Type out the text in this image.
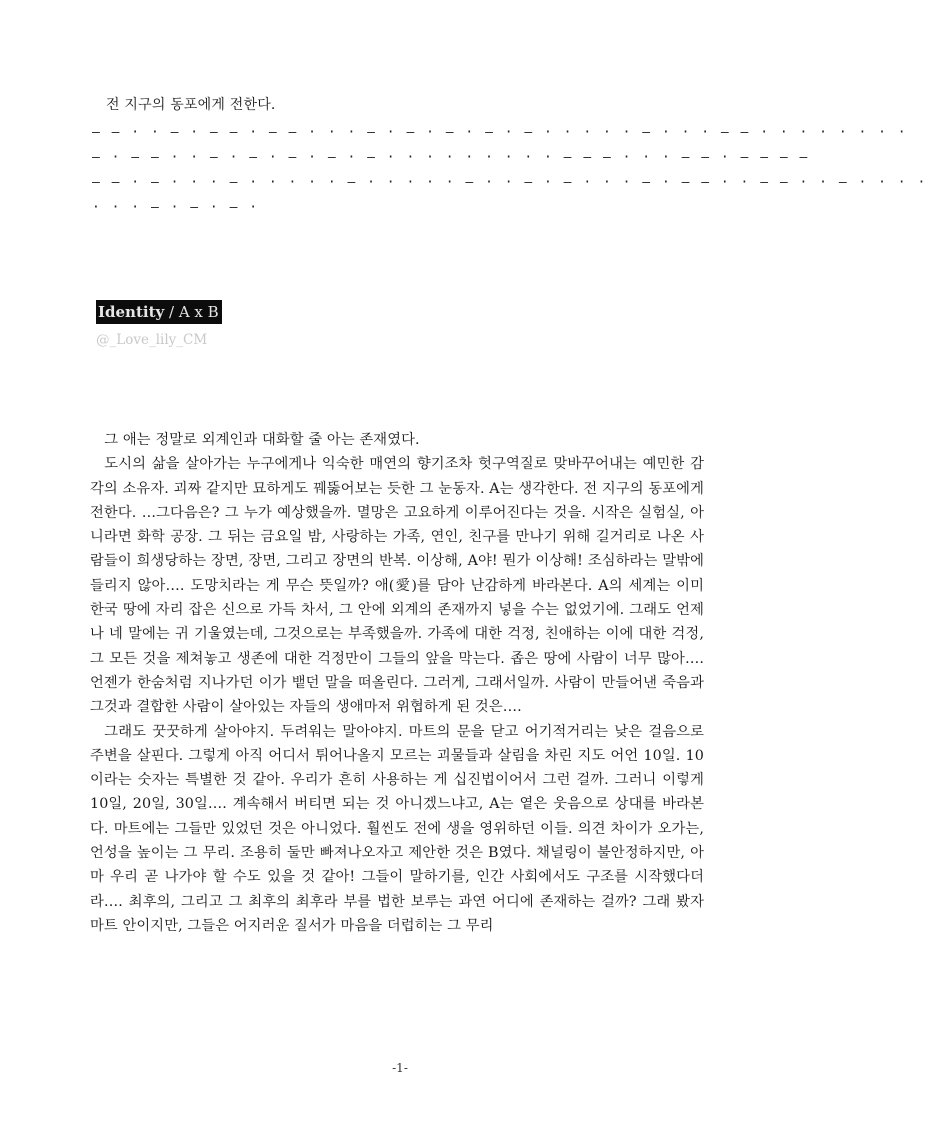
전 지구의 동포에게 전한다.
– – · · – · – – · – – · · · – · – · – · – · – · · · · · – · · · – – · · · · · · · ·
– · – – · · – · – · – · – · – · · · · · · · · · – – – · · · – – · – – – –
– – · – · · · – · · · · · – · · · · · – · · – · – · · · – · – – · · – – · · – · · · ·
· · · – · – · – ·
Identity / A x B
@_Love_lily_CM

그 애는 정말로 외계인과 대화할 줄 아는 존재였다.

도시의 삶을 살아가는 누구에게나 익숙한 매연의 향기조차 헛구역질로 맞바꾸어내는 예민한 감각의 소유자. 괴짜 같지만 묘하게도 꿰뚫어보는 듯한 그 눈동자. A는 생각한다. 전 지구의 동포에게 전한다. …그다음은? 그 누가 예상했을까. 멸망은 고요하게 이루어진다는 것을. 시작은 실험실, 아니라면 화학 공장. 그 뒤는 금요일 밤, 사랑하는 가족, 연인, 친구를 만나기 위해 길거리로 나온 사람들이 희생당하는 장면, 장면, 그리고 장면의 반복. 이상해, A야! 뭔가 이상해! 조심하라는 말밖에 들리지 않아…. 도망치라는 게 무슨 뜻일까? 애(愛)를 담아 난감하게 바라본다. A의 세계는 이미 한국 땅에 자리 잡은 신으로 가득 차서, 그 안에 외계의 존재까지 넣을 수는 없었기에. 그래도 언제나 네 말에는 귀 기울였는데, 그것으로는 부족했을까. 가족에 대한 걱정, 친애하는 이에 대한 걱정, 그 모든 것을 제쳐놓고 생존에 대한 걱정만이 그들의 앞을 막는다. 좁은 땅에 사람이 너무 많아…. 언젠가 한숨처럼 지나가던 이가 뱉던 말을 떠올린다. 그러게, 그래서일까. 사람이 만들어낸 죽음과 그것과 결합한 사람이 살아있는 자들의 생애마저 위협하게 된 것은….

그래도 꿋꿋하게 살아야지. 두려워는 말아야지. 마트의 문을 닫고 어기적거리는 낮은 걸음으로 주변을 살핀다. 그렇게 아직 어디서 튀어나올지 모르는 괴물들과 살림을 차린 지도 어언 10일. 10이라는 숫자는 특별한 것 같아. 우리가 흔히 사용하는 게 십진법이어서 그런 걸까. 그러니 이렇게 10일, 20일, 30일…. 계속해서 버티면 되는 것 아니겠느냐고, A는 옅은 웃음으로 상대를 바라본다. 마트에는 그들만 있었던 것은 아니었다. 훨씬도 전에 생을 영위하던 이들. 의견 차이가 오가는, 언성을 높이는 그 무리. 조용히 둘만 빠져나오자고 제안한 것은 B였다. 채널링이 불안정하지만, 아마 우리 곧 나가야 할 수도 있을 것 같아! 그들이 말하기를, 인간 사회에서도 구조를 시작했다더라…. 최후의, 그리고 그 최후의 최후라 부를 법한 보루는 과연 어디에 존재하는 걸까? 그래 봤자 마트 안이지만, 그들은 어지러운 질서가 마음을 더럽히는 그 무리

-1-
